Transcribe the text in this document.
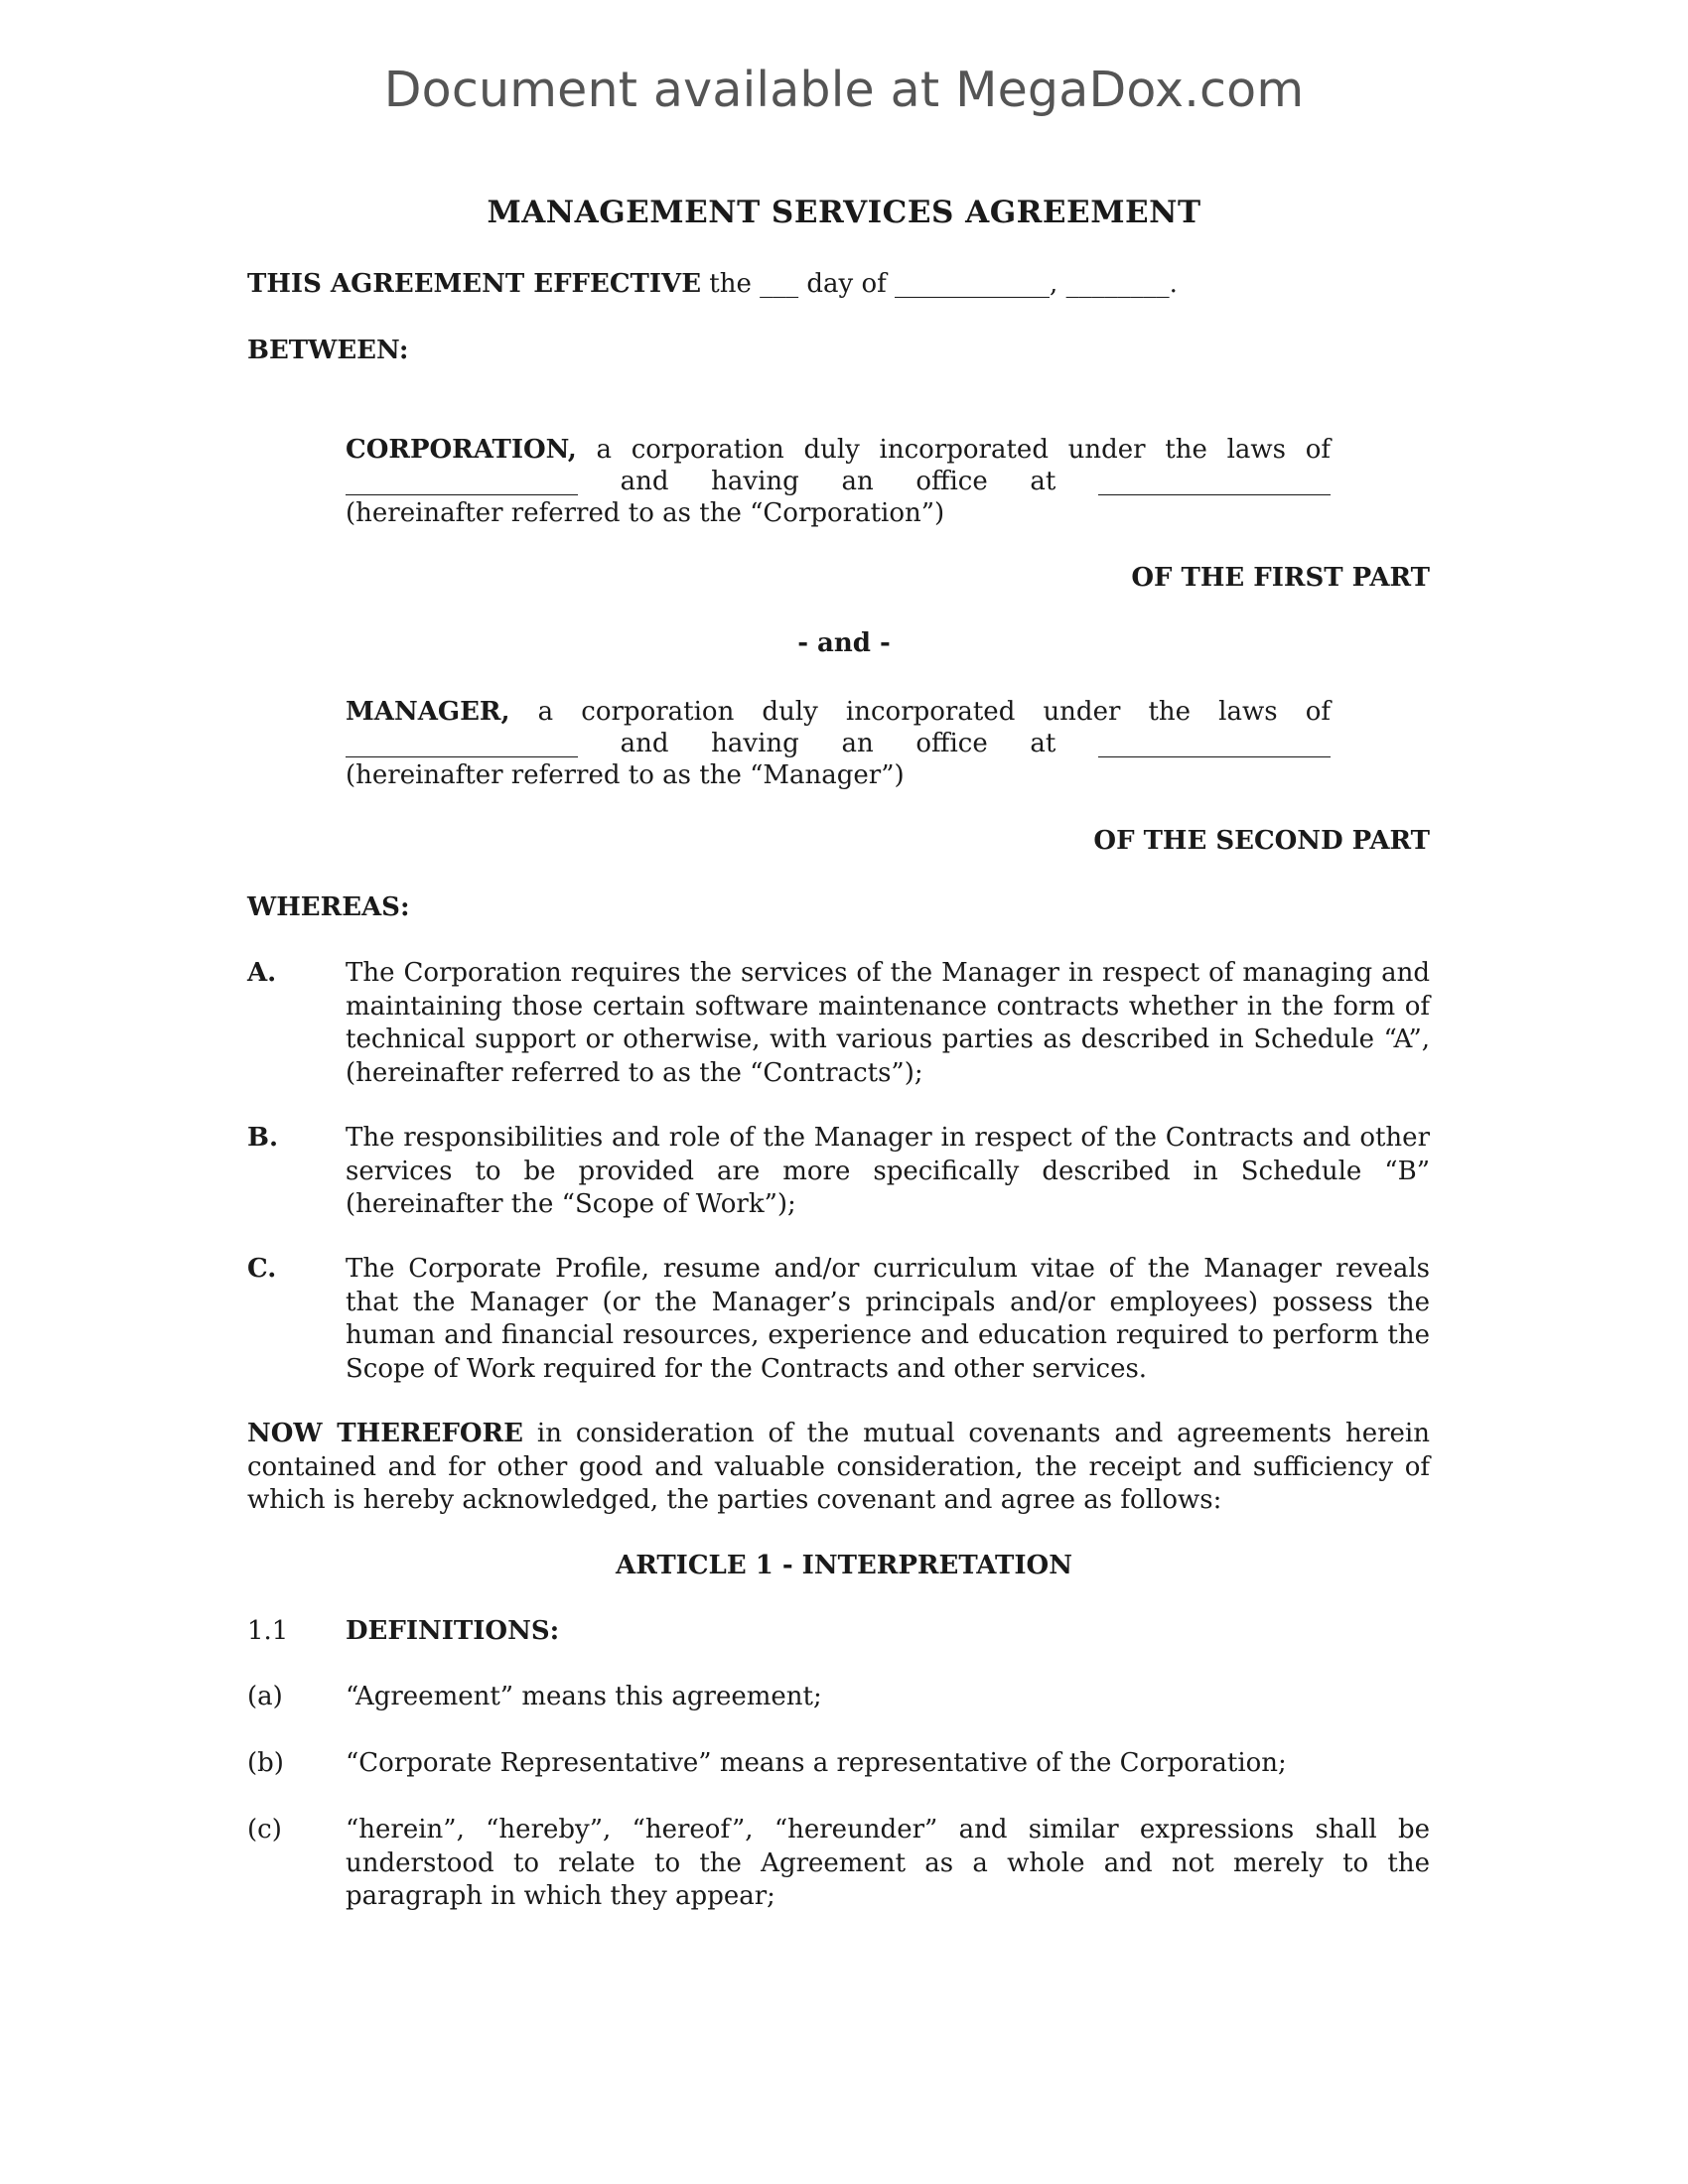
Document available at MegaDox.com
MANAGEMENT SERVICES AGREEMENT
THIS AGREEMENT EFFECTIVE the ___ day of ____________, ________.
BETWEEN:
CORPORATION, a corporation duly incorporated under the laws of
__________________ and having an office at __________________
(hereinafter referred to as the “Corporation”)
OF THE FIRST PART
- and -
MANAGER, a corporation duly incorporated under the laws of
__________________ and having an office at __________________
(hereinafter referred to as the “Manager”)
OF THE SECOND PART
WHEREAS:
A.	The Corporation requires the services of the Manager in respect of managing and maintaining those certain software maintenance contracts whether in the form of technical support or otherwise, with various parties as described in Schedule “A”, (hereinafter referred to as the “Contracts”);
B.	The responsibilities and role of the Manager in respect of the Contracts and other services to be provided are more specifically described in Schedule “B” (hereinafter the “Scope of Work”);
C.	The Corporate Profile, resume and/or curriculum vitae of the Manager reveals that the Manager (or the Manager’s principals and/or employees) possess the human and financial resources, experience and education required to perform the Scope of Work required for the Contracts and other services.
NOW THEREFORE in consideration of the mutual covenants and agreements herein contained and for other good and valuable consideration, the receipt and sufficiency of which is hereby acknowledged, the parties covenant and agree as follows:
ARTICLE 1 - INTERPRETATION
1.1 DEFINITIONS:
(a) “Agreement” means this agreement;
(b) “Corporate Representative” means a representative of the Corporation;
(c) “herein”, “hereby”, “hereof”, “hereunder” and similar expressions shall be understood to relate to the Agreement as a whole and not merely to the paragraph in which they appear;
